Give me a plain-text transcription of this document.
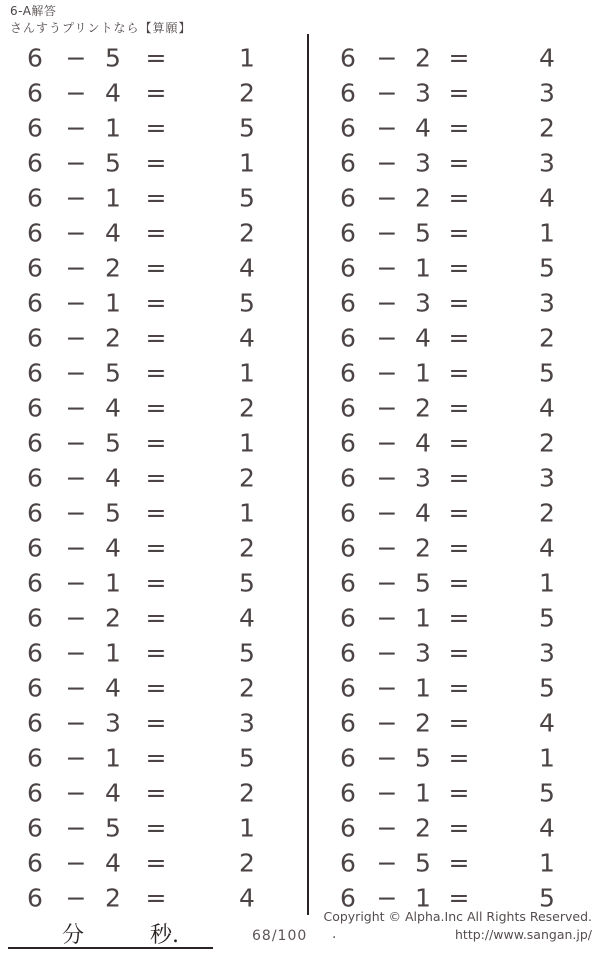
6-A解答
さんすうプリントなら【算願】
6 − 5 =	1
6 − 4 =	2
6 − 1 =	5
6 − 5 =	1
6 − 1 =	5
6 − 4 =	2
6 − 2 =	4
6 − 1 =	5
6 − 2 =	4
6 − 5 =	1
6 − 4 =	2
6 − 5 =	1
6 − 4 =	2
6 − 5 =	1
6 − 4 =	2
6 − 1 =	5
6 − 2 =	4
6 − 1 =	5
6 − 4 =	2
6 − 3 =	3
6 − 1 =	5
6 − 4 =	2
6 − 5 =	1
6 − 4 =	2
6 − 2 =	4
6 − 2 =	4
6 − 3 =	3
6 − 4 =	2
6 − 3 =	3
6 − 2 =	4
6 − 5 =	1
6 − 1 =	5
6 − 3 =	3
6 − 4 =	2
6 − 1 =	5
6 − 2 =	4
6 − 4 =	2
6 − 3 =	3
6 − 4 =	2
6 − 2 =	4
6 − 5 =	1
6 − 1 =	5
6 − 3 =	3
6 − 1 =	5
6 − 2 =	4
6 − 5 =	1
6 − 1 =	5
6 − 2 =	4
6 − 5 =	1
6 − 1 =	5
分	秒.	68/100 .
Copyright © Alpha.Inc All Rights Reserved.
http://www.sangan.jp/
